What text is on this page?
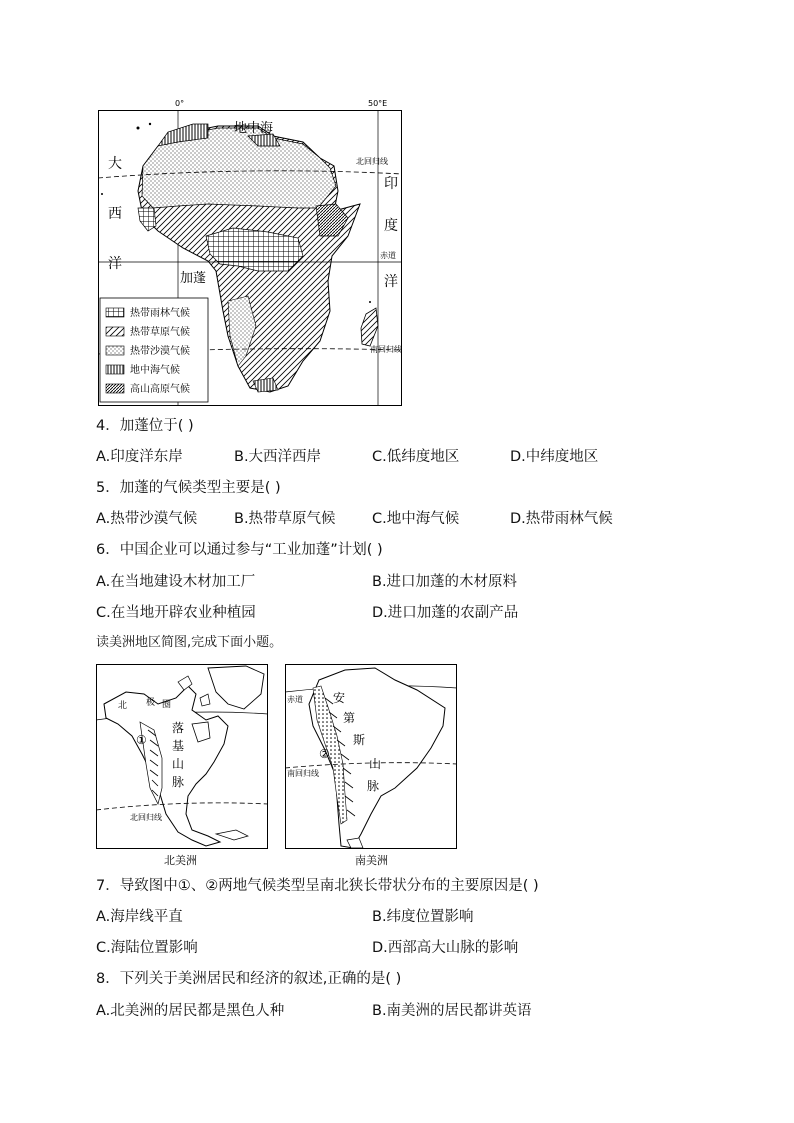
0°	50°E
地中海
大
西
洋
印
度
洋
北回归线
赤道
南回归线
加蓬
热带雨林气候
热带草原气候
热带沙漠气候
地中海气候
高山高原气候
4．加蓬位于( )
A.印度洋东岸	B.大西洋西岸	C.低纬度地区	D.中纬度地区
5．加蓬的气候类型主要是( )
A.热带沙漠气候	B.热带草原气候	C.地中海气候	D.热带雨林气候
6．中国企业可以通过参与“工业加蓬”计划( )
A.在当地建设木材加工厂	B.进口加蓬的木材原料
C.在当地开辟农业种植园	D.进口加蓬的农副产品
读美洲地区简图,完成下面小题。
北 极 圈
①
落
基
山
脉
北回归线
北美洲
赤道
②
安
第
斯
山
脉
南回归线
南美洲
7．导致图中①、②两地气候类型呈南北狭长带状分布的主要原因是( )
A.海岸线平直	B.纬度位置影响
C.海陆位置影响	D.西部高大山脉的影响
8．下列关于美洲居民和经济的叙述,正确的是( )
A.北美洲的居民都是黑色人种	B.南美洲的居民都讲英语
